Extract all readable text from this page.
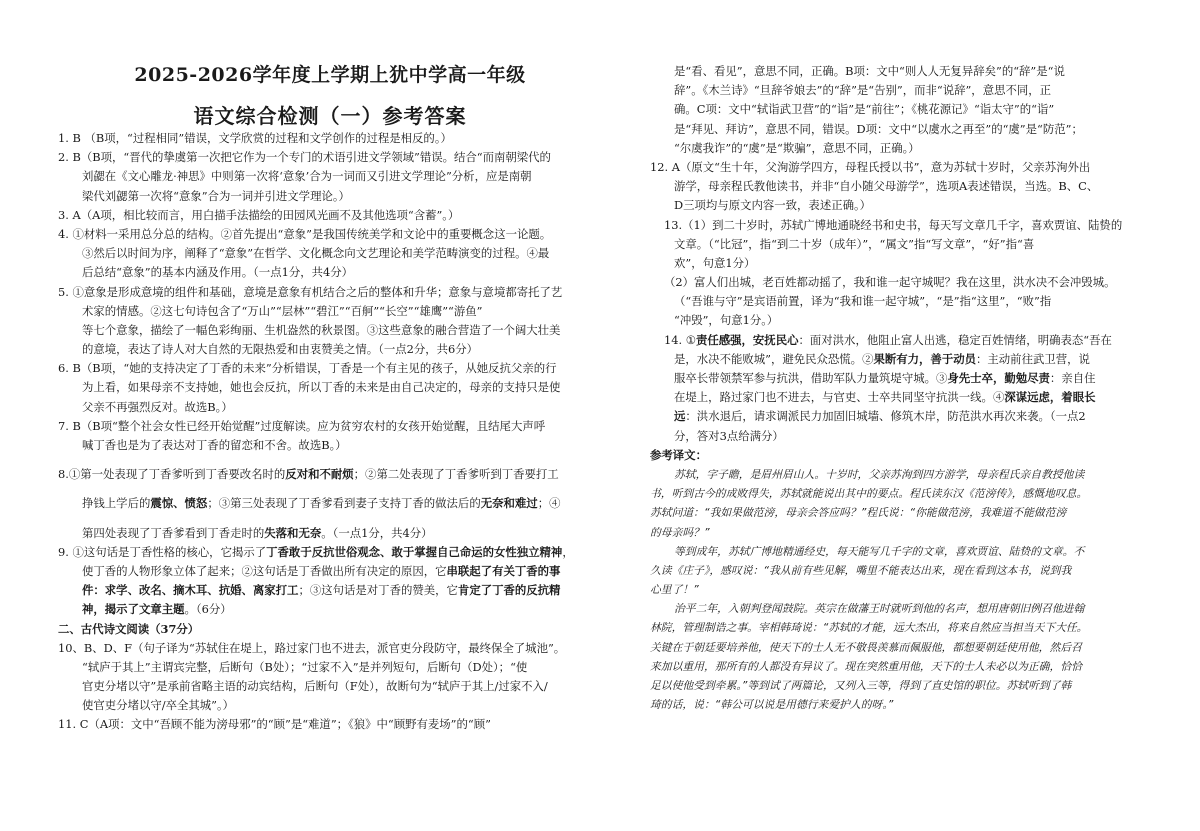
2025-2026学年度上学期上犹中学高一年级
语文综合检测（一）参考答案
1. B （B项，“过程相同”错误，文学欣赏的过程和文学创作的过程是相反的。）
2. B（B项，“晋代的挚虞第一次把它作为一个专门的术语引进文学领域”错误。结合“而南朝梁代的
刘勰在《文心雕龙·神思》中则第一次将‘意象’合为一词而又引进文学理论”分析，应是南朝
梁代刘勰第一次将“意象”合为一词并引进文学理论。）
3. A（A项，相比较而言，用白描手法描绘的田园风光画不及其他选项“含蓄”。）
4. ①材料一采用总分总的结构。②首先提出“意象”是我国传统美学和文论中的重要概念这一论题。
③然后以时间为序，阐释了“意象”在哲学、文化概念向文艺理论和美学范畴演变的过程。④最
后总结“意象”的基本内涵及作用。（一点1分，共4分）
5. ①意象是形成意境的组件和基础，意境是意象有机结合之后的整体和升华；意象与意境都寄托了艺
术家的情感。②这七句诗包含了“万山”“层林”“碧江”“百舸”“长空”“雄鹰”“游鱼”
等七个意象，描绘了一幅色彩绚丽、生机盎然的秋景图。③这些意象的融合营造了一个阔大壮美
的意境，表达了诗人对大自然的无限热爱和由衷赞美之情。（一点2分，共6分）
6. B（B项，“她的支持决定了丁香的未来”分析错误，丁香是一个有主见的孩子，从她反抗父亲的行
为上看，如果母亲不支持她，她也会反抗，所以丁香的未来是由自己决定的，母亲的支持只是使
父亲不再强烈反对。故选B。）
7. B（B项“整个社会女性已经开始觉醒”过度解读。应为贫穷农村的女孩开始觉醒，且结尾大声呼
喊丁香也是为了表达对丁香的留恋和不舍。故选B。）
8.①第一处表现了丁香爹听到丁香要改名时的反对和不耐烦；②第二处表现了丁香爹听到丁香要打工
挣钱上学后的震惊、愤怒；③第三处表现了丁香爹看到妻子支持丁香的做法后的无奈和难过；④
第四处表现了丁香爹看到丁香走时的失落和无奈。（一点1分，共4分）
9. ①这句话是丁香性格的核心，它揭示了丁香敢于反抗世俗观念、敢于掌握自己命运的女性独立精神，
使丁香的人物形象立体了起来；②这句话是丁香做出所有决定的原因，它串联起了有关丁香的事
件：求学、改名、摘木耳、抗婚、离家打工；③这句话是对丁香的赞美，它肯定了丁香的反抗精
神，揭示了文章主题。（6分）
二、古代诗文阅读（37分）
10、B、D、F（句子译为“苏轼住在堤上，路过家门也不进去，派官吏分段防守，最终保全了城池”。
“轼庐于其上”主谓宾完整，后断句（B处）；“过家不入”是并列短句，后断句（D处）；“使
官吏分堵以守”是承前省略主语的动宾结构，后断句（F处），故断句为“轼庐于其上/过家不入/
使官吏分堵以守/卒全其城”。）
11. C（A项：文中“吾顾不能为滂母邪”的“顾”是“难道”；《狼》中“顾野有麦场”的“顾”
是“看、看见”，意思不同，正确。B项：文中“则人人无复异辞矣”的“辞”是“说
辞”。《木兰诗》“旦辞爷娘去”的“辞”是“告别”，而非“说辞”，意思不同，正
确。C项：文中“轼诣武卫营”的“诣”是“前往”；《桃花源记》“诣太守”的“诣”
是“拜见、拜访”，意思不同，错误。D项：文中“以虞水之再至”的“虞”是“防范”；
“尔虞我诈”的“虞”是“欺骗”，意思不同，正确。）
12. A（原文“生十年，父洵游学四方，母程氏授以书”，意为苏轼十岁时，父亲苏洵外出
游学，母亲程氏教他读书，并非“自小随父母游学”，选项A表述错误，当选。B、C、
D三项均与原文内容一致，表述正确。）
13.（1）到二十岁时，苏轼广博地通晓经书和史书，每天写文章几千字，喜欢贾谊、陆贽的
文章。（“比冠”，指“到二十岁（成年）”，“属文”指“写文章”，“好”指“喜
欢”，句意1分）
（2）富人们出城，老百姓都动摇了，我和谁一起守城呢？我在这里，洪水决不会冲毁城。
（“吾谁与守”是宾语前置，译为“我和谁一起守城”，“是”指“这里”，“败”指
“冲毁”，句意1分。）
14. ①责任感强，安抚民心：面对洪水，他阻止富人出逃，稳定百姓情绪，明确表态“吾在
是，水决不能败城”，避免民众恐慌。②果断有力，善于动员：主动前往武卫营，说
服卒长带领禁军参与抗洪，借助军队力量筑堤守城。③身先士卒，勤勉尽责：亲自住
在堤上，路过家门也不进去，与官吏、士卒共同坚守抗洪一线。④深谋远虑，着眼长
远：洪水退后，请求调派民力加固旧城墙、修筑木岸，防范洪水再次来袭。（一点2
分，答对3点给满分）
参考译文：
苏轼，字子瞻，是眉州眉山人。十岁时，父亲苏洵到四方游学，母亲程氏亲自教授他读
书，听到古今的成败得失，苏轼就能说出其中的要点。程氏读东汉《范滂传》，感慨地叹息。
苏轼问道：“我如果做范滂，母亲会答应吗？”程氏说：“你能做范滂，我难道不能做范滂
的母亲吗？”
等到成年，苏轼广博地精通经史，每天能写几千字的文章，喜欢贾谊、陆贽的文章。不
久读《庄子》，感叹说：“我从前有些见解，嘴里不能表达出来，现在看到这本书，说到我
心里了！”
治平二年，入朝判登闻鼓院。英宗在做藩王时就听到他的名声，想用唐朝旧例召他进翰
林院，管理制诰之事。宰相韩琦说：“苏轼的才能，远大杰出，将来自然应当担当天下大任。
关键在于朝廷要培养他，使天下的士人无不敬畏羡慕而佩服他，都想要朝廷使用他，然后召
来加以重用，那所有的人都没有异议了。现在突然重用他，天下的士人未必以为正确，恰恰
足以使他受到牵累。”等到试了两篇论，又列入三等，得到了直史馆的职位。苏轼听到了韩
琦的话，说：“韩公可以说是用德行来爱护人的呀。”
